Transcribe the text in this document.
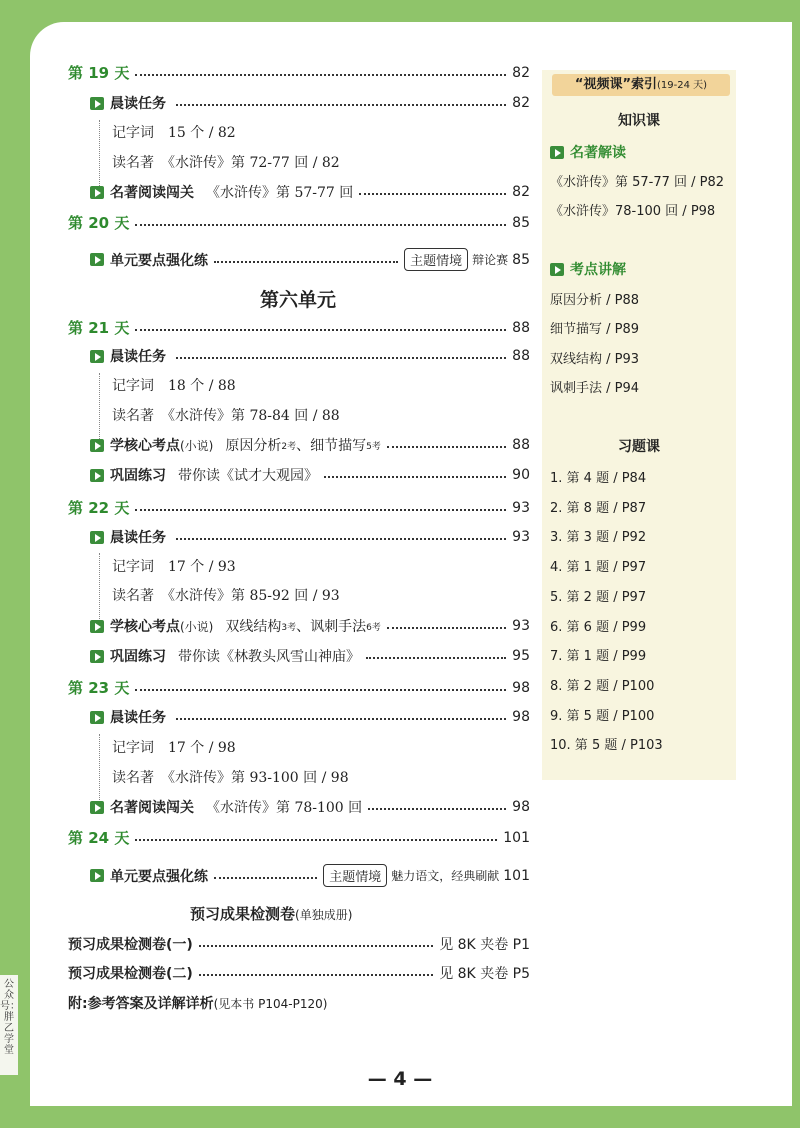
公众号：胖乙学堂
第 19 天	82
晨读任务	82
记字词　15 个 / 82
读名著　《水浒传》第 72-77 回 / 82
名著阅读闯关 《水浒传》第 57-77 回	82
第 20 天	85
单元要点强化练	主题情境 辩论赛 85
第 21 天	88
晨读任务	88
记字词　18 个 / 88
读名著　《水浒传》第 78-84 回 / 88
学核心考点 (小说) 原因分析 2考 、细节描写 5考	88
巩固练习 带你读《试才大观园》	90
第 22 天	93
晨读任务	93
记字词　17 个 / 93
读名著　《水浒传》第 85-92 回 / 93
学核心考点 (小说) 双线结构 3考 、讽刺手法 6考	93
巩固练习 带你读《林教头风雪山神庙》	95
第 23 天	98
晨读任务	98
记字词　17 个 / 98
读名著　《水浒传》第 93-100 回 / 98
名著阅读闯关 《水浒传》第 78-100 回	98
第 24 天	101
单元要点强化练	主题情境 魅力语文，经典刷献 101
第六单元
预习成果检测卷(单独成册)
预习成果检测卷(一)	见 8K 夹卷 P1
预习成果检测卷(二)	见 8K 夹卷 P5
附:参考答案及详解详析 (见本书 P104-P120)
“视频课”索引(19-24 天)
知识课
名著解读
《水浒传》第 57-77 回 / P82
《水浒传》78-100 回 / P98
考点讲解
原因分析 / P88
细节描写 / P89
双线结构 / P93
讽刺手法 / P94
习题课
1. 第 4 题 / P84
2. 第 8 题 / P87
3. 第 3 题 / P92
4. 第 1 题 / P97
5. 第 2 题 / P97
6. 第 6 题 / P99
7. 第 1 题 / P99
8. 第 2 题 / P100
9. 第 5 题 / P100
10. 第 5 题 / P103
— 4 —
